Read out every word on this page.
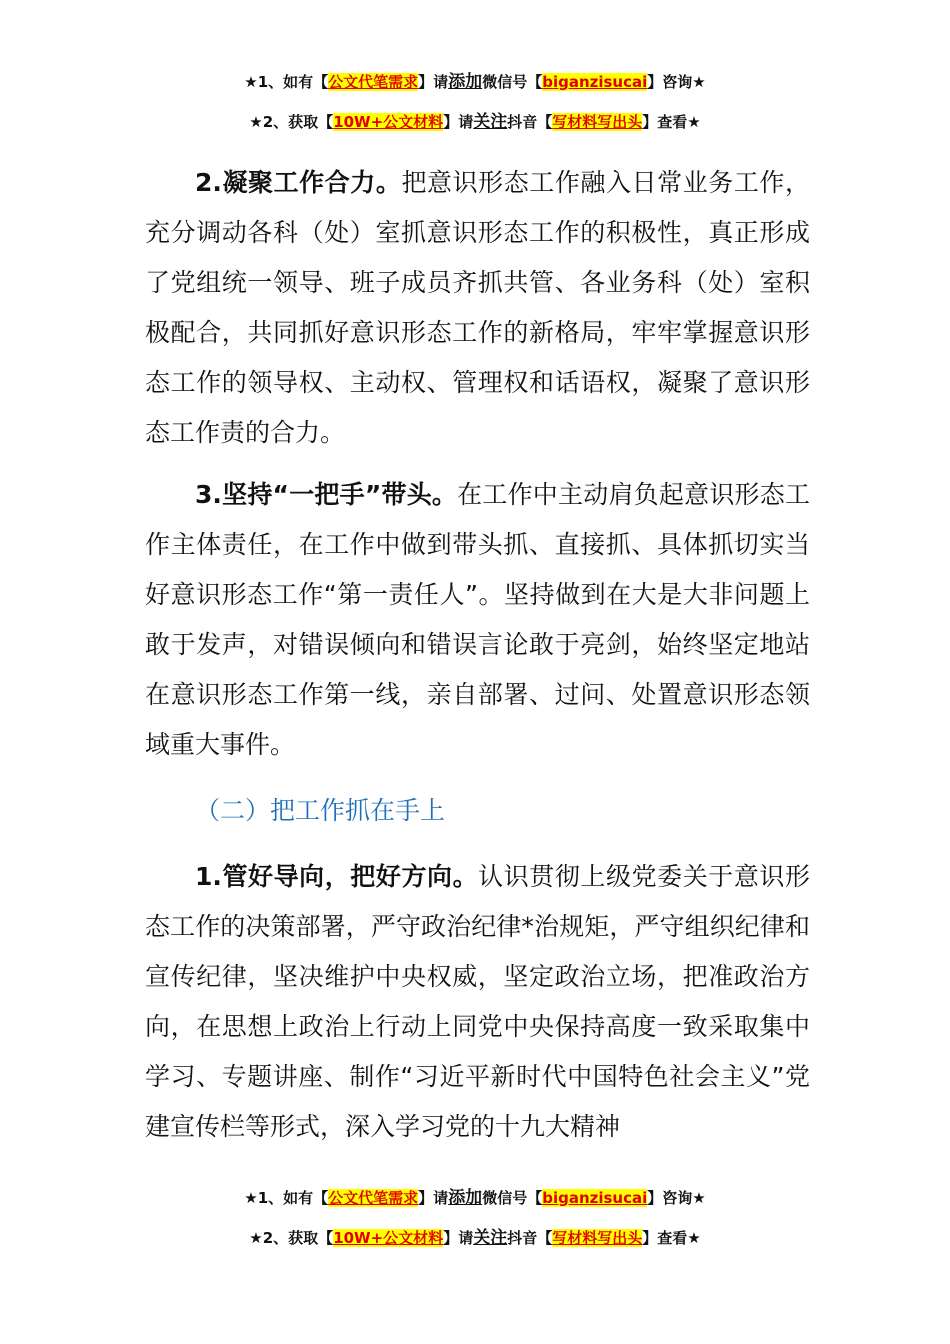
★1、如有【公文代笔需求】请添加微信号【biganzisucai】咨询★
★2、获取【10W+公文材料】请关注抖音【写材料写出头】查看★

2.凝聚工作合力。把意识形态工作融入日常业务工作，充分调动各科（处）室抓意识形态工作的积极性，真正形成了党组统一领导、班子成员齐抓共管、各业务科（处）室积极配合，共同抓好意识形态工作的新格局，牢牢掌握意识形态工作的领导权、主动权、管理权和话语权，凝聚了意识形态工作责的合力。

3.坚持“一把手”带头。在工作中主动肩负起意识形态工作主体责任，在工作中做到带头抓、直接抓、具体抓切实当好意识形态工作“第一责任人”。坚持做到在大是大非问题上敢于发声，对错误倾向和错误言论敢于亮剑，始终坚定地站在意识形态工作第一线，亲自部署、过问、处置意识形态领域重大事件。

（二）把工作抓在手上

1.管好导向，把好方向。认识贯彻上级党委关于意识形态工作的决策部署，严守政治纪律*治规矩，严守组织纪律和宣传纪律，坚决维护中央权威，坚定政治立场，把准政治方向，在思想上政治上行动上同党中央保持高度一致采取集中学习、专题讲座、制作“习近平新时代中国特色社会主义”党建宣传栏等形式，深入学习党的十九大精神

★1、如有【公文代笔需求】请添加微信号【biganzisucai】咨询★
★2、获取【10W+公文材料】请关注抖音【写材料写出头】查看★
